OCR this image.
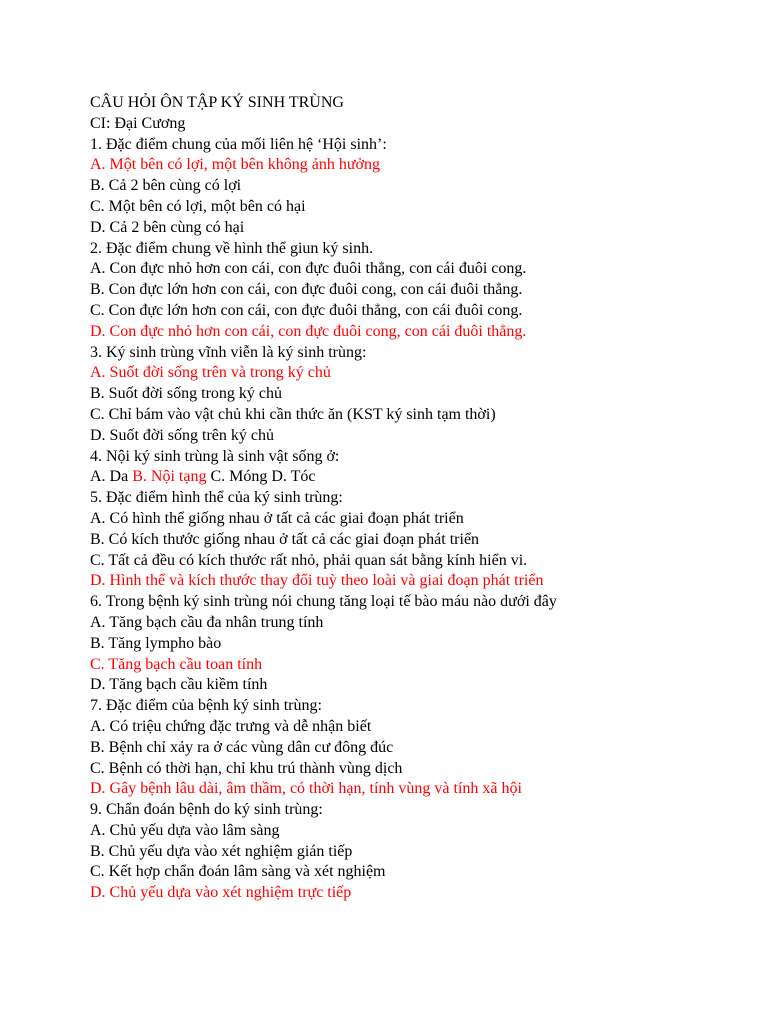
CÂU HỎI ÔN TẬP KÝ SINH TRÙNG
CI: Đại Cương
1. Đặc điểm chung của mối liên hệ ‘Hội sinh’:
A. Một bên có lợi, một bên không ảnh hưởng
B. Cả 2 bên cùng có lợi
C. Một bên có lợi, một bên có hại
D. Cả 2 bên cùng có hại
2. Đặc điểm chung về hình thể giun ký sinh.
A. Con đực nhỏ hơn con cái, con đực đuôi thẳng, con cái đuôi cong.
B. Con đực lớn hơn con cái, con đực đuôi cong, con cái đuôi thẳng.
C. Con đực lớn hơn con cái, con đực đuôi thẳng, con cái đuôi cong.
D. Con đực nhỏ hơn con cái, con đực đuôi cong, con cái đuôi thẳng.
3. Ký sinh trùng vĩnh viễn là ký sinh trùng:
A. Suốt đời sống trên và trong ký chủ
B. Suốt đời sống trong ký chủ
C. Chỉ bám vào vật chủ khi cần thức ăn (KST ký sinh tạm thời)
D. Suốt đời sống trên ký chủ
4. Nội ký sinh trùng là sinh vật sống ở:
A. Da B. Nội tạng C. Móng D. Tóc
5. Đặc điểm hình thể của ký sinh trùng:
A. Có hình thể giống nhau ở tất cả các giai đoạn phát triển
B. Có kích thước giống nhau ở tất cả các giai đoạn phát triển
C. Tất cả đều có kích thước rất nhỏ, phải quan sát bằng kính hiển vi.
D. Hình thể và kích thước thay đổi tuỳ theo loài và giai đoạn phát triển
6. Trong bệnh ký sinh trùng nói chung tăng loại tế bào máu nào dưới đây
A. Tăng bạch cầu đa nhân trung tính
B. Tăng lympho bào
C. Tăng bạch cầu toan tính
D. Tăng bạch cầu kiềm tính
7. Đặc điểm của bệnh ký sinh trùng:
A. Có triệu chứng đặc trưng và dễ nhận biết
B. Bệnh chỉ xảy ra ở các vùng dân cư đông đúc
C. Bệnh có thời hạn, chỉ khu trú thành vùng dịch
D. Gây bệnh lâu dài, âm thầm, có thời hạn, tính vùng và tính xã hội
9. Chẩn đoán bệnh do ký sinh trùng:
A. Chủ yếu dựa vào lâm sàng
B. Chủ yếu dựa vào xét nghiệm gián tiếp
C. Kết hợp chẩn đoán lâm sàng và xét nghiệm
D. Chủ yếu dựa vào xét nghiệm trực tiếp
